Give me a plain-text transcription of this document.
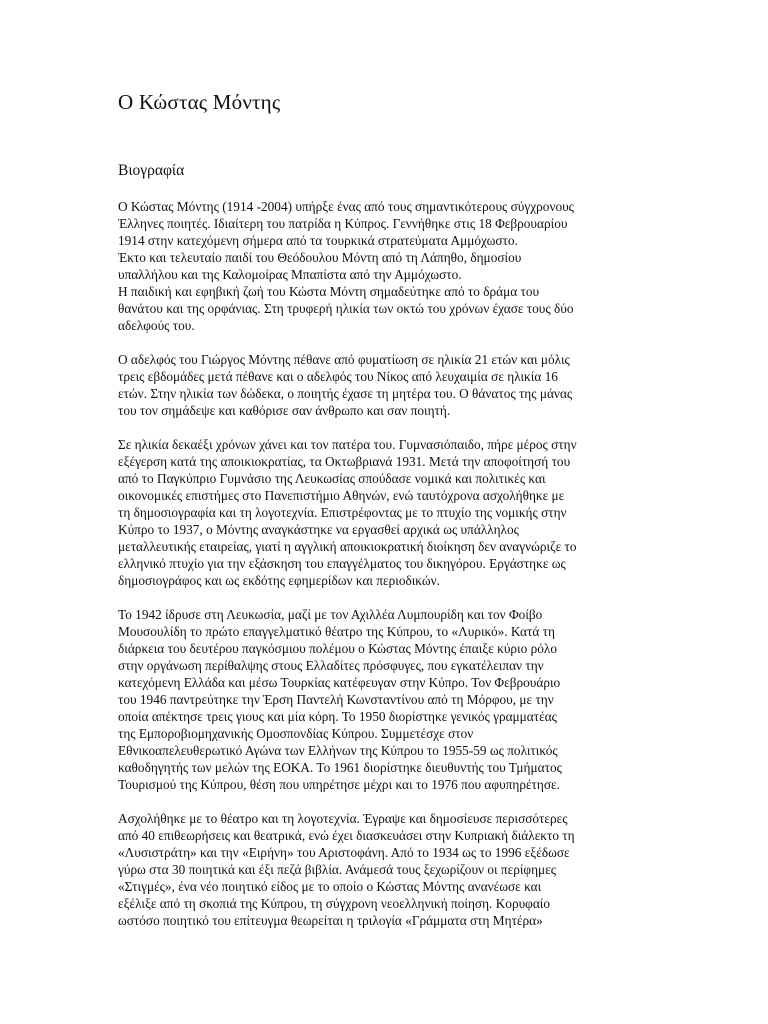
Ο Κώστας Μόντης
Βιογραφία

Ο Κώστας Μόντης (1914 -2004) υπήρξε ένας από τους σημαντικότερους σύγχρονους
Έλληνες ποιητές. Ιδιαίτερη του πατρίδα η Κύπρος. Γεννήθηκε στις 18 Φεβρουαρίου
1914 στην κατεχόμενη σήμερα από τα τουρκικά στρατεύματα Αμμόχωστο.
Έκτο και τελευταίο παιδί του Θεόδουλου Μόντη από τη Λάπηθο, δημοσίου
υπαλλήλου και της Καλομοίρας Μπαπίστα από την Αμμόχωστο.
Η παιδική και εφηβική ζωή του Κώστα Μόντη σημαδεύτηκε από το δράμα του
θανάτου και της ορφάνιας. Στη τρυφερή ηλικία των οκτώ του χρόνων έχασε τους δύο
αδελφούς του.

Ο αδελφός του Γιώργος Μόντης πέθανε από φυματίωση σε ηλικία 21 ετών και μόλις
τρεις εβδομάδες μετά πέθανε και ο αδελφός του Νίκος από λευχαιμία σε ηλικία 16
ετών. Στην ηλικία των δώδεκα, ο ποιητής έχασε τη μητέρα του. Ο θάνατος της μάνας
του τον σημάδεψε και καθόρισε σαν άνθρωπο και σαν ποιητή.

Σε ηλικία δεκαέξι χρόνων χάνει και τον πατέρα του. Γυμνασιόπαιδο, πήρε μέρος στην
εξέγερση κατά της αποικιοκρατίας, τα Οκτωβριανά 1931. Μετά την αποφοίτησή του
από το Παγκύπριο Γυμνάσιο της Λευκωσίας σπούδασε νομικά και πολιτικές και
οικονομικές επιστήμες στο Πανεπιστήμιο Αθηνών, ενώ ταυτόχρονα ασχολήθηκε με
τη δημοσιογραφία και τη λογοτεχνία. Επιστρέφοντας με το πτυχίο της νομικής στην
Κύπρο το 1937, ο Μόντης αναγκάστηκε να εργασθεί αρχικά ως υπάλληλος
μεταλλευτικής εταιρείας, γιατί η αγγλική αποικιοκρατική διοίκηση δεν αναγνώριζε το
ελληνικό πτυχίο για την εξάσκηση του επαγγέλματος του δικηγόρου. Εργάστηκε ως
δημοσιογράφος και ως εκδότης εφημερίδων και περιοδικών.

Το 1942 ίδρυσε στη Λευκωσία, μαζί με τον Αχιλλέα Λυμπουρίδη και τον Φοίβο
Μουσουλίδη το πρώτο επαγγελματικό θέατρο της Κύπρου, το «Λυρικό». Κατά τη
διάρκεια του δευτέρου παγκόσμιου πολέμου ο Κώστας Μόντης έπαιξε κύριο ρόλο
στην οργάνωση περίθαλψης στους Ελλαδίτες πρόσφυγες, που εγκατέλειπαν την
κατεχόμενη Ελλάδα και μέσω Τουρκίας κατέφευγαν στην Κύπρο. Τον Φεβρουάριο
του 1946 παντρεύτηκε την Έρση Παντελή Κωνσταντίνου από τη Μόρφου, με την
οποία απέκτησε τρεις γιους και μία κόρη. Το 1950 διορίστηκε γενικός γραμματέας
της Εμπορoβιομηχανικής Ομοσπονδίας Κύπρου. Συμμετέσχε στον
Εθνικοαπελευθερωτικό Αγώνα των Ελλήνων της Κύπρου το 1955-59 ως πολιτικός
καθοδηγητής των μελών της ΕΟΚΑ. Το 1961 διορίστηκε διευθυντής του Τμήματος
Τουρισμού της Κύπρου, θέση που υπηρέτησε μέχρι και το 1976 που αφυπηρέτησε.

Ασχολήθηκε με το θέατρο και τη λογοτεχνία. Έγραψε και δημοσίευσε περισσότερες
από 40 επιθεωρήσεις και θεατρικά, ενώ έχει διασκευάσει στην Κυπριακή διάλεκτο τη
«Λυσιστράτη» και την «Ειρήνη» του Αριστοφάνη. Από το 1934 ως το 1996 εξέδωσε
γύρω στα 30 ποιητικά και έξι πεζά βιβλία. Ανάμεσά τους ξεχωρίζουν οι περίφημες
«Στιγμές», ένα νέο ποιητικό είδος με το οποίο ο Κώστας Μόντης ανανέωσε και
εξέλιξε από τη σκοπιά της Κύπρου, τη σύγχρονη νεοελληνική ποίηση. Κορυφαίο
ωστόσο ποιητικό του επίτευγμα θεωρείται η τριλογία «Γράμματα στη Μητέρα»
